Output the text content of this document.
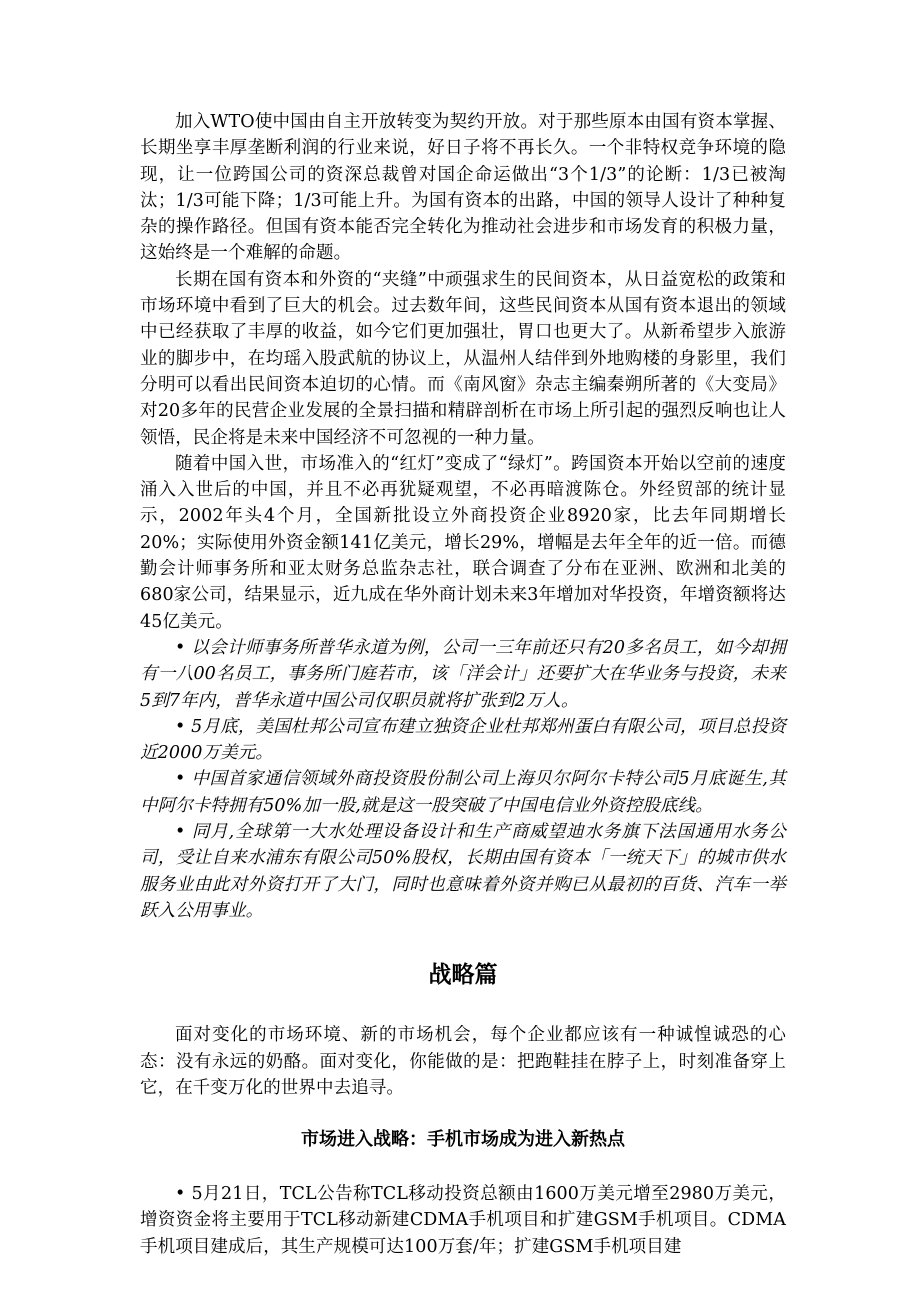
加入WTO使中国由自主开放转变为契约开放。对于那些原本由国有资本掌握、长期坐享丰厚垄断利润的行业来说，好日子将不再长久。一个非特权竞争环境的隐现，让一位跨国公司的资深总裁曾对国企命运做出“3个1/3”的论断：1/3已被淘汰；1/3可能下降；1/3可能上升。为国有资本的出路，中国的领导人设计了种种复杂的操作路径。但国有资本能否完全转化为推动社会进步和市场发育的积极力量，这始终是一个难解的命题。

长期在国有资本和外资的“夹缝”中顽强求生的民间资本，从日益宽松的政策和市场环境中看到了巨大的机会。过去数年间，这些民间资本从国有资本退出的领域中已经获取了丰厚的收益，如今它们更加强壮，胃口也更大了。从新希望步入旅游业的脚步中，在均瑶入股武航的协议上，从温州人结伴到外地购楼的身影里，我们分明可以看出民间资本迫切的心情。而《南风窗》杂志主编秦朔所著的《大变局》对20多年的民营企业发展的全景扫描和精辟剖析在市场上所引起的强烈反响也让人领悟，民企将是未来中国经济不可忽视的一种力量。

随着中国入世，市场准入的“红灯”变成了“绿灯”。跨国资本开始以空前的速度涌入入世后的中国，并且不必再犹疑观望，不必再暗渡陈仓。外经贸部的统计显示，2002年头4个月，全国新批设立外商投资企业8920家，比去年同期增长20%；实际使用外资金额141亿美元，增长29%，增幅是去年全年的近一倍。而德勤会计师事务所和亚太财务总监杂志社，联合调查了分布在亚洲、欧洲和北美的680家公司，结果显示，近九成在华外商计划未来3年增加对华投资，年增资额将达45亿美元。

• 以会计师事务所普华永道为例，公司一三年前还只有20多名员工，如今却拥有一八00名员工，事务所门庭若市，该「洋会计」还要扩大在华业务与投资，未来5到7年内，普华永道中国公司仅职员就将扩张到2万人。

• 5月底，美国杜邦公司宣布建立独资企业杜邦郑州蛋白有限公司，项目总投资近2000万美元。

• 中国首家通信领域外商投资股份制公司上海贝尔阿尔卡特公司5月底诞生,其中阿尔卡特拥有50%加一股,就是这一股突破了中国电信业外资控股底线。

• 同月,全球第一大水处理设备设计和生产商威望迪水务旗下法国通用水务公司，受让自来水浦东有限公司50%股权，长期由国有资本「一统天下」的城市供水服务业由此对外资打开了大门，同时也意味着外资并购已从最初的百货、汽车一举跃入公用事业。

战略篇

面对变化的市场环境、新的市场机会，每个企业都应该有一种诚惶诚恐的心态：没有永远的奶酪。面对变化，你能做的是：把跑鞋挂在脖子上，时刻准备穿上它，在千变万化的世界中去追寻。

市场进入战略：手机市场成为进入新热点

• 5月21日，TCL公告称TCL移动投资总额由1600万美元增至2980万美元，增资资金将主要用于TCL移动新建CDMA手机项目和扩建GSM手机项目。CDMA手机项目建成后，其生产规模可达100万套/年；扩建GSM手机项目建
